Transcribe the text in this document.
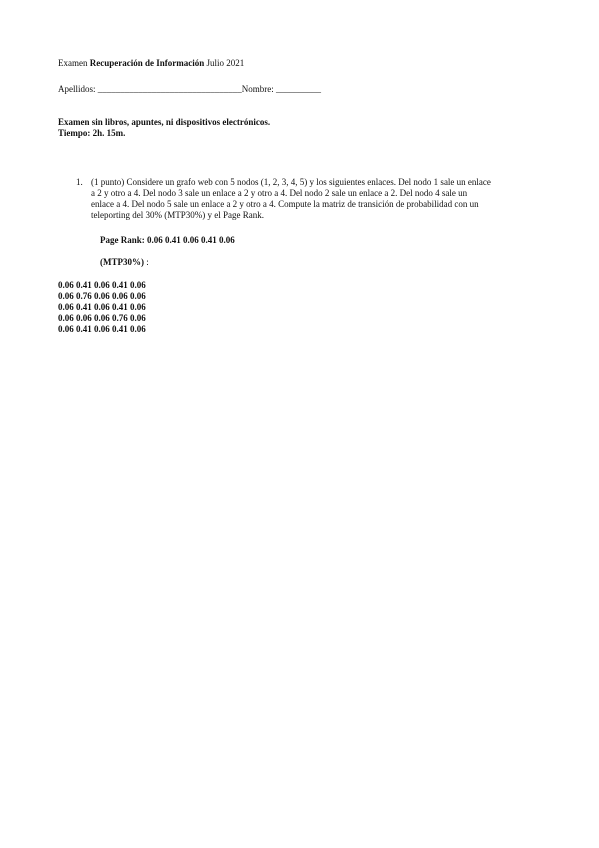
Examen Recuperación de Información Julio 2021
Apellidos: ________________________________Nombre: __________
Examen sin libros, apuntes, ni dispositivos electrónicos.
Tiempo: 2h. 15m.
1. (1 punto) Considere un grafo web con 5 nodos (1, 2, 3, 4, 5) y los siguientes enlaces. Del nodo 1 sale un enlace
a 2 y otro a 4. Del nodo 3 sale un enlace a 2 y otro a 4. Del nodo 2 sale un enlace a 2. Del nodo 4 sale un
enlace a 4. Del nodo 5 sale un enlace a 2 y otro a 4. Compute la matriz de transición de probabilidad con un
teleporting del 30% (MTP30%) y el Page Rank.
Page Rank: 0.06 0.41 0.06 0.41 0.06
(MTP30%) :
0.06 0.41 0.06 0.41 0.06
0.06 0.76 0.06 0.06 0.06
0.06 0.41 0.06 0.41 0.06
0.06 0.06 0.06 0.76 0.06
0.06 0.41 0.06 0.41 0.06
